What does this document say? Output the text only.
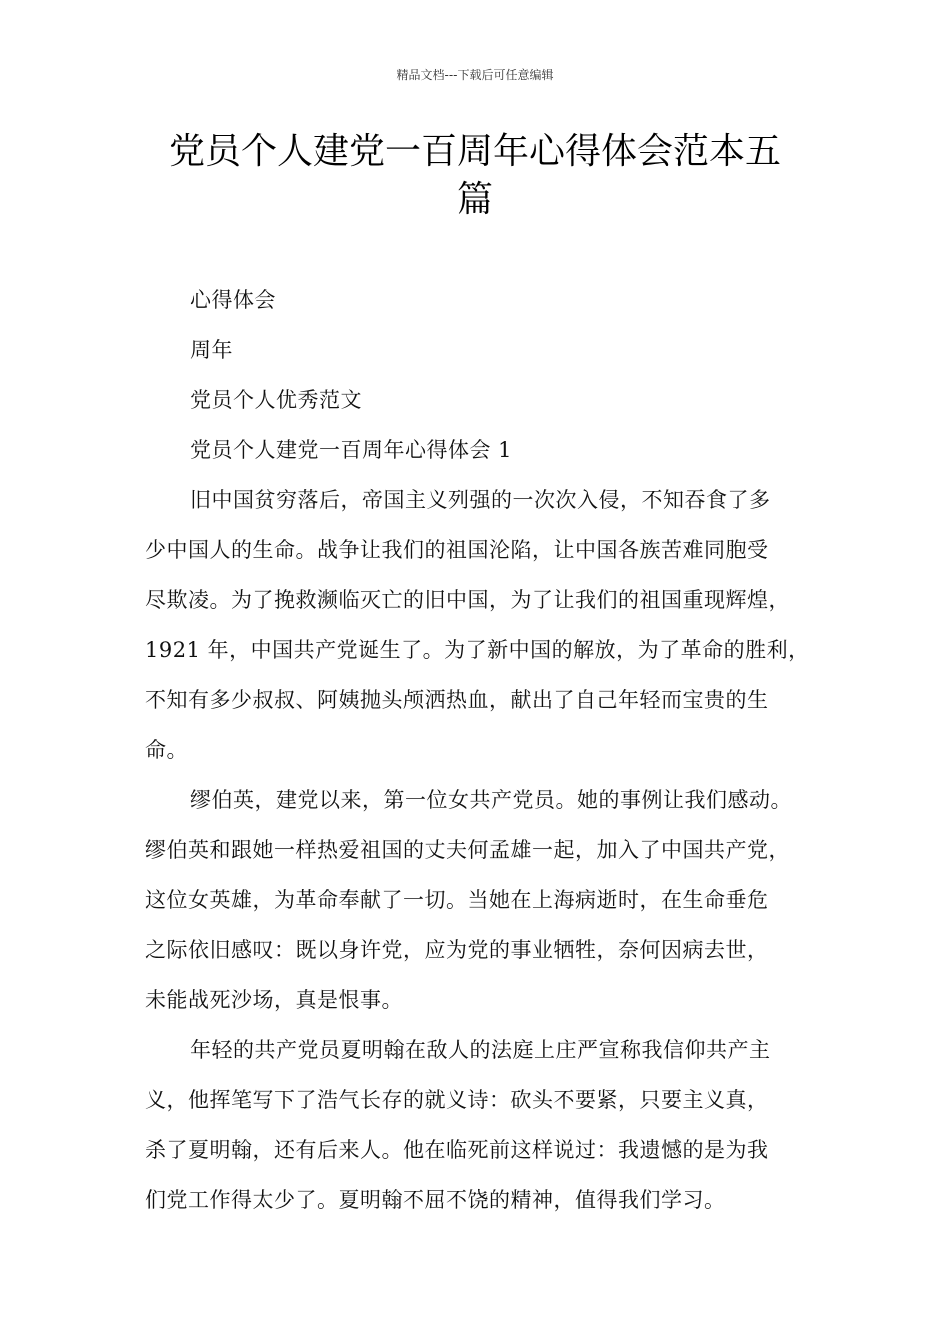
精品文档---下载后可任意编辑
党员个人建党一百周年心得体会范本五
篇

心得体会

周年

党员个人优秀范文

党员个人建党一百周年心得体会 1

旧中国贫穷落后，帝国主义列强的一次次入侵，不知吞食了多

少中国人的生命。战争让我们的祖国沦陷，让中国各族苦难同胞受

尽欺凌。为了挽救濒临灭亡的旧中国，为了让我们的祖国重现辉煌，

1921 年，中国共产党诞生了。为了新中国的解放，为了革命的胜利，

不知有多少叔叔、阿姨抛头颅洒热血，献出了自己年轻而宝贵的生

命。

缪伯英，建党以来，第一位女共产党员。她的事例让我们感动。

缪伯英和跟她一样热爱祖国的丈夫何孟雄一起，加入了中国共产党，

这位女英雄，为革命奉献了一切。当她在上海病逝时，在生命垂危

之际依旧感叹：既以身许党，应为党的事业牺牲，奈何因病去世，

未能战死沙场，真是恨事。

年轻的共产党员夏明翰在敌人的法庭上庄严宣称我信仰共产主

义，他挥笔写下了浩气长存的就义诗：砍头不要紧，只要主义真，

杀了夏明翰，还有后来人。他在临死前这样说过：我遗憾的是为我

们党工作得太少了。夏明翰不屈不饶的精神，值得我们学习。
